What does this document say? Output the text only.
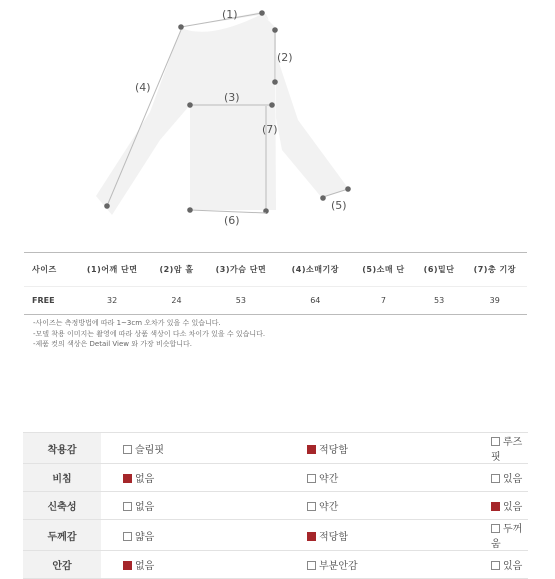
(1)
(2)
(3)
(4)
(7)
(5)
(6)
사이즈	(1)어깨 단면	(2)암 홀	(3)가슴 단면	(4)소매기장	(5)소매 단	(6)밑단	(7)총 기장
FREE	32	24	53	64	7	53	39
-사이즈는 측정방법에 따라 1~3cm 오차가 있을 수 있습니다.
-모델 착용 이미지는 촬영에 따라 상품 색상이 다소 차이가 있을 수 있습니다.
-제품 컷의 색상은 Detail View 와 가장 비슷합니다.
착용감	슬림핏	적당함	루즈핏
비침	없음	약간	있음
신축성	없음	약간	있음
두께감	얇음	적당함	두꺼움
안감	없음	부분안감	있음
